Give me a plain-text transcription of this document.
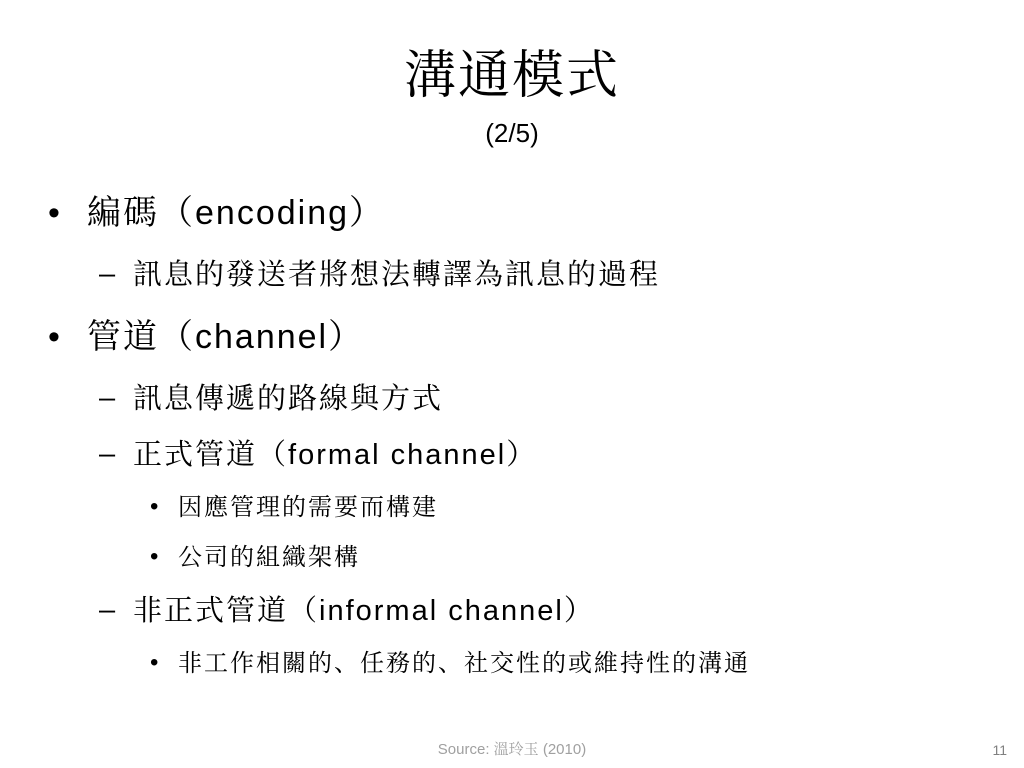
溝通模式
(2/5)
• 編碼（encoding）
– 訊息的發送者將想法轉譯為訊息的過程
• 管道（channel）
– 訊息傳遞的路線與方式
– 正式管道（formal channel）
• 因應管理的需要而構建
• 公司的組織架構
– 非正式管道（informal channel）
• 非工作相關的、任務的、社交性的或維持性的溝通
Source: 溫玲玉 (2010)	11
